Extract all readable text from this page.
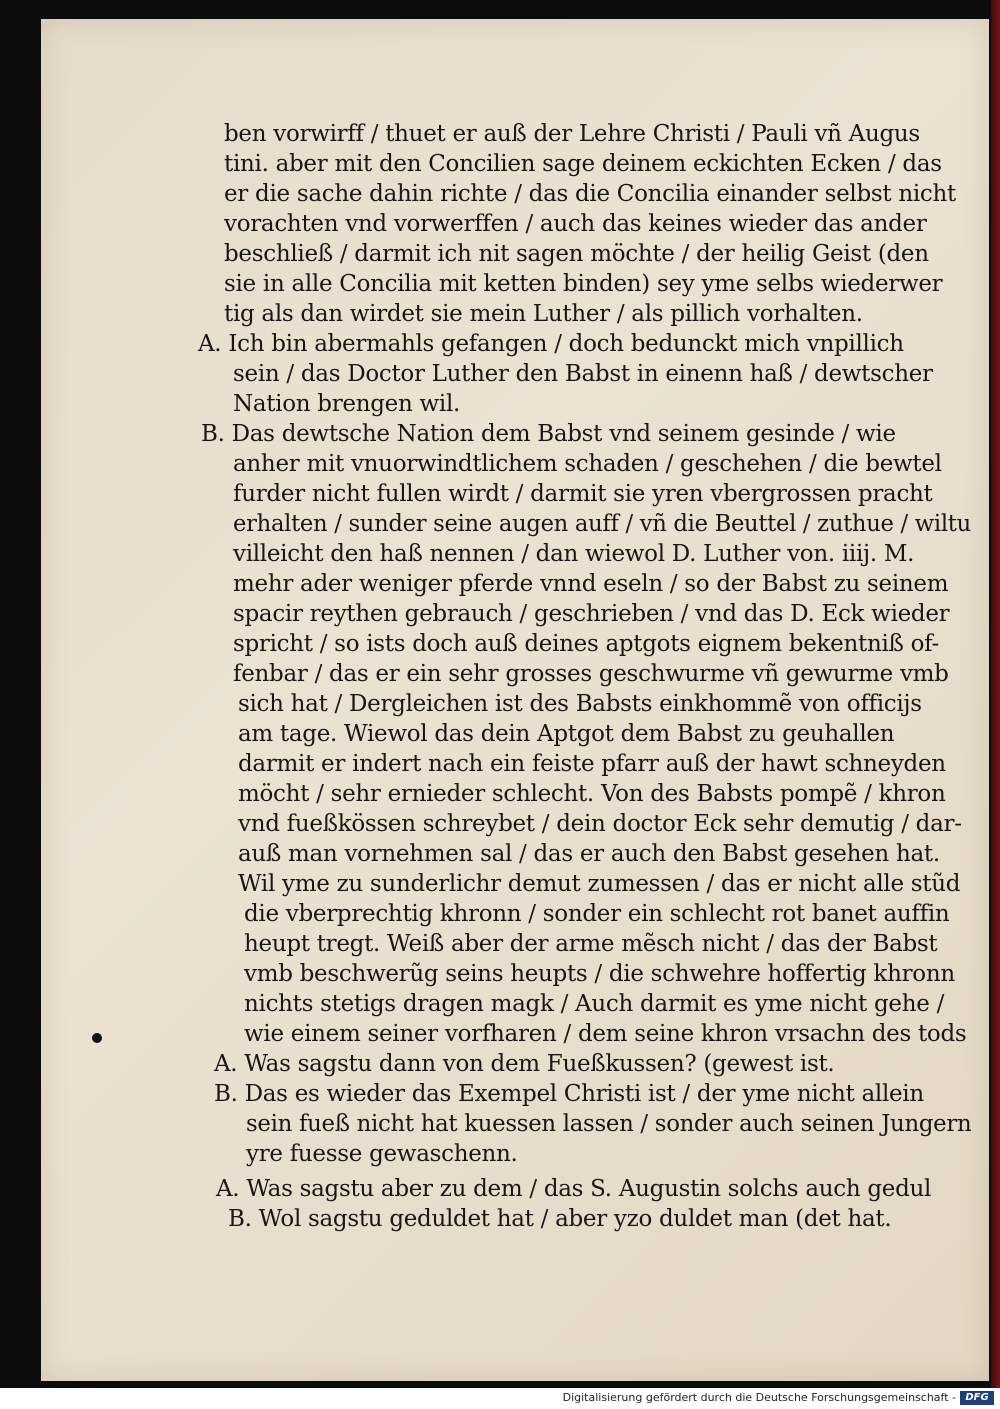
ben vorwirff / thuet er auß der Lehre Christi / Pauli vñ Augus
tini. aber mit den Concilien sage deinem eckichten Ecken / das
er die sache dahin richte / das die Concilia einander selbst nicht
vorachten vnd vorwerffen / auch das keines wieder das ander
beschließ / darmit ich nit sagen möchte / der heilig Geist (den
sie in alle Concilia mit ketten binden) sey yme selbs wiederwer
tig als dan wirdet sie mein Luther / als pillich vorhalten.
A. Ich bin abermahls gefangen / doch bedunckt mich vnpillich
sein / das Doctor Luther den Babst in einenn haß / dewtscher
Nation brengen wil.
B. Das dewtsche Nation dem Babst vnd seinem gesinde / wie
anher mit vnuorwindtlichem schaden / geschehen / die bewtel
furder nicht fullen wirdt / darmit sie yren vbergrossen pracht
erhalten / sunder seine augen auff / vñ die Beuttel / zuthue / wiltu
villeicht den haß nennen / dan wiewol D. Luther von. iiij. M.
mehr ader weniger pferde vnnd eseln / so der Babst zu seinem
spacir reythen gebrauch / geschrieben / vnd das D. Eck wieder
spricht / so ists doch auß deines aptgots eignem bekentniß of-
fenbar / das er ein sehr grosses geschwurme vñ gewurme vmb
sich hat / Dergleichen ist des Babsts einkhommẽ von officijs
am tage. Wiewol das dein Aptgot dem Babst zu geuhallen
darmit er indert nach ein feiste pfarr auß der hawt schneyden
möcht / sehr ernieder schlecht. Von des Babsts pompẽ / khron
vnd fueßkössen schreybet / dein doctor Eck sehr demutig / dar-
auß man vornehmen sal / das er auch den Babst gesehen hat.
Wil yme zu sunderlichr demut zumessen / das er nicht alle stũd
die vberprechtig khronn / sonder ein schlecht rot banet auffin
heupt tregt. Weiß aber der arme mẽsch nicht / das der Babst
vmb beschwerũg seins heupts / die schwehre hoffertig khronn
nichts stetigs dragen magk / Auch darmit es yme nicht gehe /
wie einem seiner vorfharen / dem seine khron vrsachn des tods
A. Was sagstu dann von dem Fueßkussen? (gewest ist.
B. Das es wieder das Exempel Christi ist / der yme nicht allein
sein fueß nicht hat kuessen lassen / sonder auch seinen Jungern
yre fuesse gewaschenn.
A. Was sagstu aber zu dem / das S. Augustin solchs auch gedul
B. Wol sagstu geduldet hat / aber yzo duldet man (det hat.
Digitalisierung gefördert durch die Deutsche Forschungsgemeinschaft - DFG
